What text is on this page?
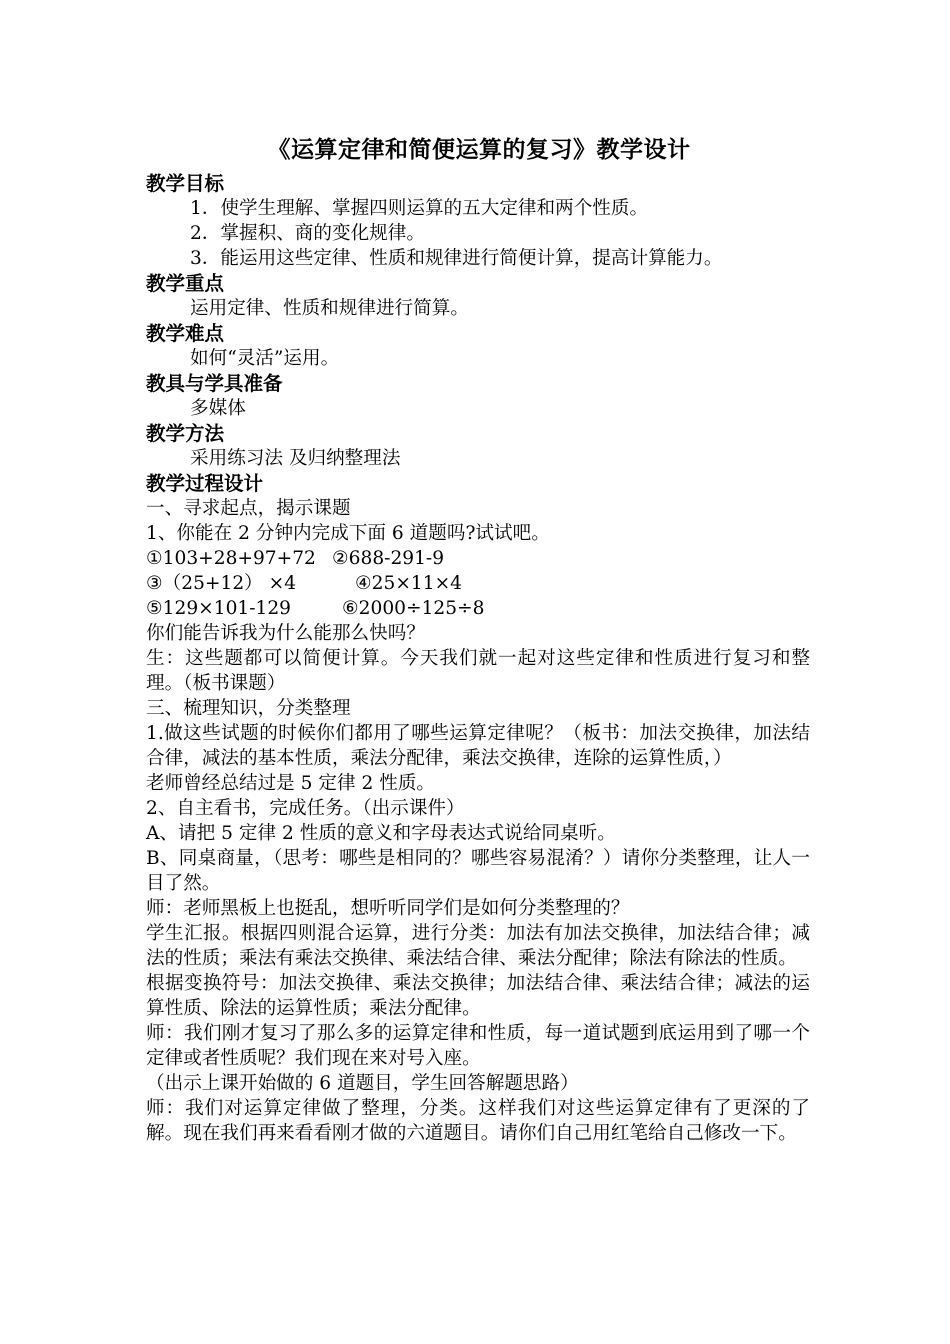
《运算定律和简便运算的复习》教学设计
教学目标
1．使学生理解、掌握四则运算的五大定律和两个性质。
2．掌握积、商的变化规律。
3．能运用这些定律、性质和规律进行简便计算，提高计算能力。
教学重点
运用定律、性质和规律进行简算。
教学难点
如何“灵活”运用。
教具与学具准备
多媒体
教学方法
采用练习法 及归纳整理法
教学过程设计
一、寻求起点，揭示课题
1、你能在 2 分钟内完成下面 6 道题吗?试试吧。
①103+28+97+72 ②688-291-9
③（25+12） ×4	④25×11×4
⑤129×101-129	⑥2000÷125÷8
你们能告诉我为什么能那么快吗？
生：这些题都可以简便计算。今天我们就一起对这些定律和性质进行复习和整理。（板书课题）
三、梳理知识，分类整理
1.做这些试题的时候你们都用了哪些运算定律呢？（板书：加法交换律，加法结合律，减法的基本性质，乘法分配律，乘法交换律，连除的运算性质，）
老师曾经总结过是 5 定律 2 性质。
2、自主看书，完成任务。（出示课件）
A、请把 5 定律 2 性质的意义和字母表达式说给同桌听。
B、同桌商量，（思考：哪些是相同的？哪些容易混淆？）请你分类整理，让人一目了然。
师：老师黑板上也挺乱，想听听同学们是如何分类整理的？
学生汇报。根据四则混合运算，进行分类：加法有加法交换律，加法结合律；减法的性质；乘法有乘法交换律、乘法结合律、乘法分配律；除法有除法的性质。
根据变换符号：加法交换律、乘法交换律；加法结合律、乘法结合律；减法的运算性质、除法的运算性质；乘法分配律。
师：我们刚才复习了那么多的运算定律和性质，每一道试题到底运用到了哪一个定律或者性质呢？我们现在来对号入座。
（出示上课开始做的 6 道题目，学生回答解题思路）
师：我们对运算定律做了整理，分类。这样我们对这些运算定律有了更深的了解。现在我们再来看看刚才做的六道题目。请你们自己用红笔给自己修改一下。
